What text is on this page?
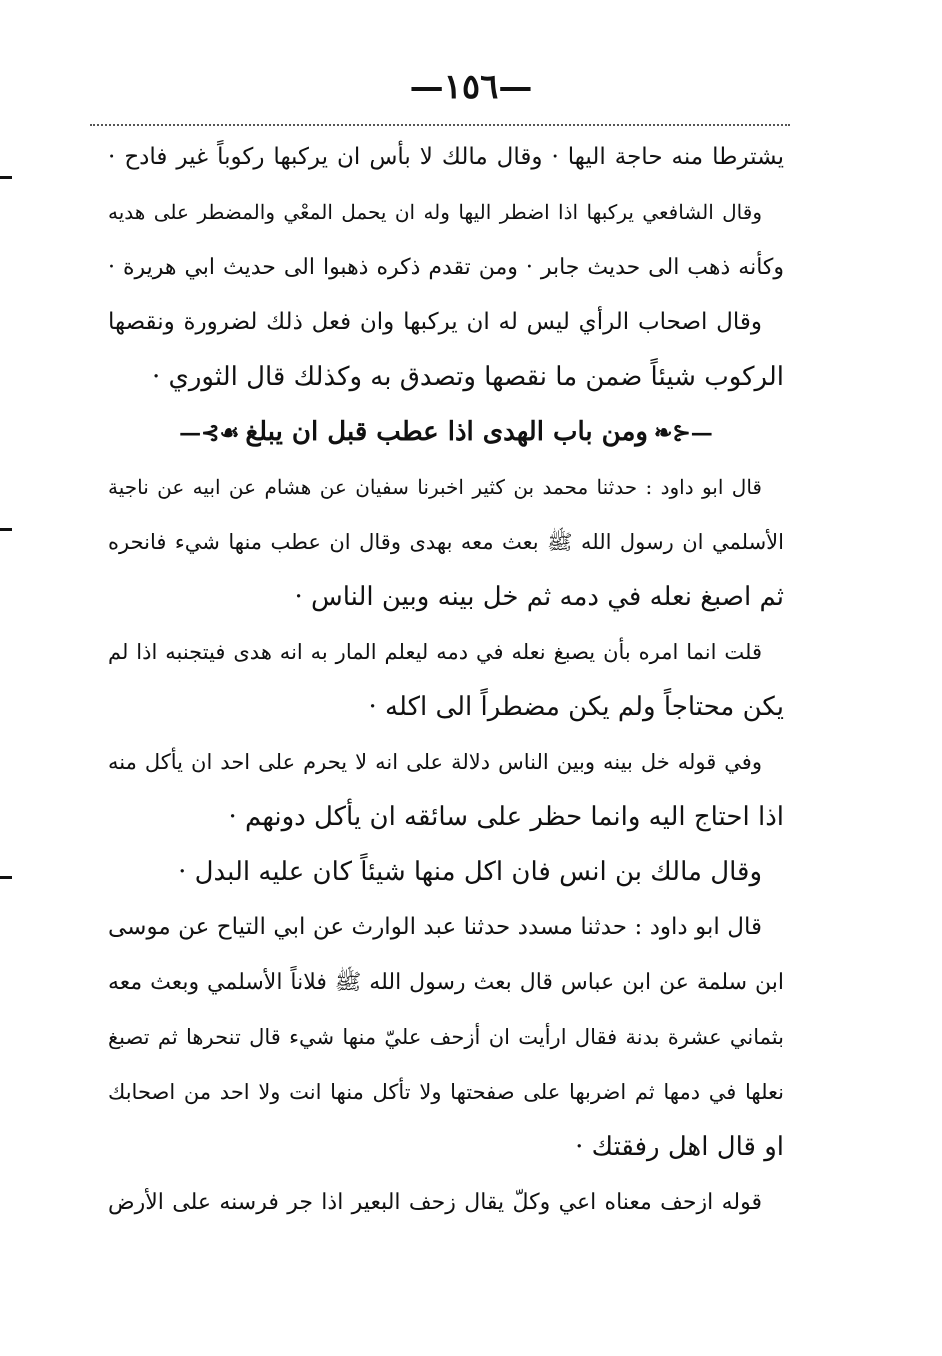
—١٥٦—
يشترطا منه حاجة اليها · وقال مالك لا بأس ان يركبها ركوباً غير فادح ·
وقال الشافعي يركبها اذا اضطر اليها وله ان يحمل المعْي والمضطر على هديه
وكأنه ذهب الى حديث جابر · ومن تقدم ذكره ذهبوا الى حديث ابي هريرة ·
وقال اصحاب الرأي ليس له ان يركبها وان فعل ذلك لضرورة ونقصها
الركوب شيئاً ضمن ما نقصها وتصدق به وكذلك قال الثوري ·
—⊰❧ومن باب الهدى اذا عطب قبل ان يبلغ☙⊱—
قال ابو داود : حدثنا محمد بن كثير اخبرنا سفيان عن هشام عن ابيه عن ناجية
الأسلمي ان رسول الله ﷺ بعث معه بهدى وقال ان عطب منها شيء فانحره
ثم اصبغ نعله في دمه ثم خل بينه وبين الناس ·
قلت انما امره بأن يصبغ نعله في دمه ليعلم المار به انه هدى فيتجنبه اذا لم
يكن محتاجاً ولم يكن مضطراً الى اكله ·
وفي قوله خل بينه وبين الناس دلالة على انه لا يحرم على احد ان يأكل منه
اذا احتاج اليه وانما حظر على سائقه ان يأكل دونهم ·
وقال مالك بن انس فان اكل منها شيئاً كان عليه البدل ·
قال ابو داود : حدثنا مسدد حدثنا عبد الوارث عن ابي التياح عن موسى
ابن سلمة عن ابن عباس قال بعث رسول الله ﷺ فلاناً الأسلمي وبعث معه
بثماني عشرة بدنة فقال ارأيت ان أزحف عليّ منها شيء قال تنحرها ثم تصبغ
نعلها في دمها ثم اضربها على صفحتها ولا تأكل منها انت ولا احد من اصحابك
او قال اهل رفقتك ·
قوله ازحف معناه اعي وكلّ يقال زحف البعير اذا جر فرسنه على الأرض
